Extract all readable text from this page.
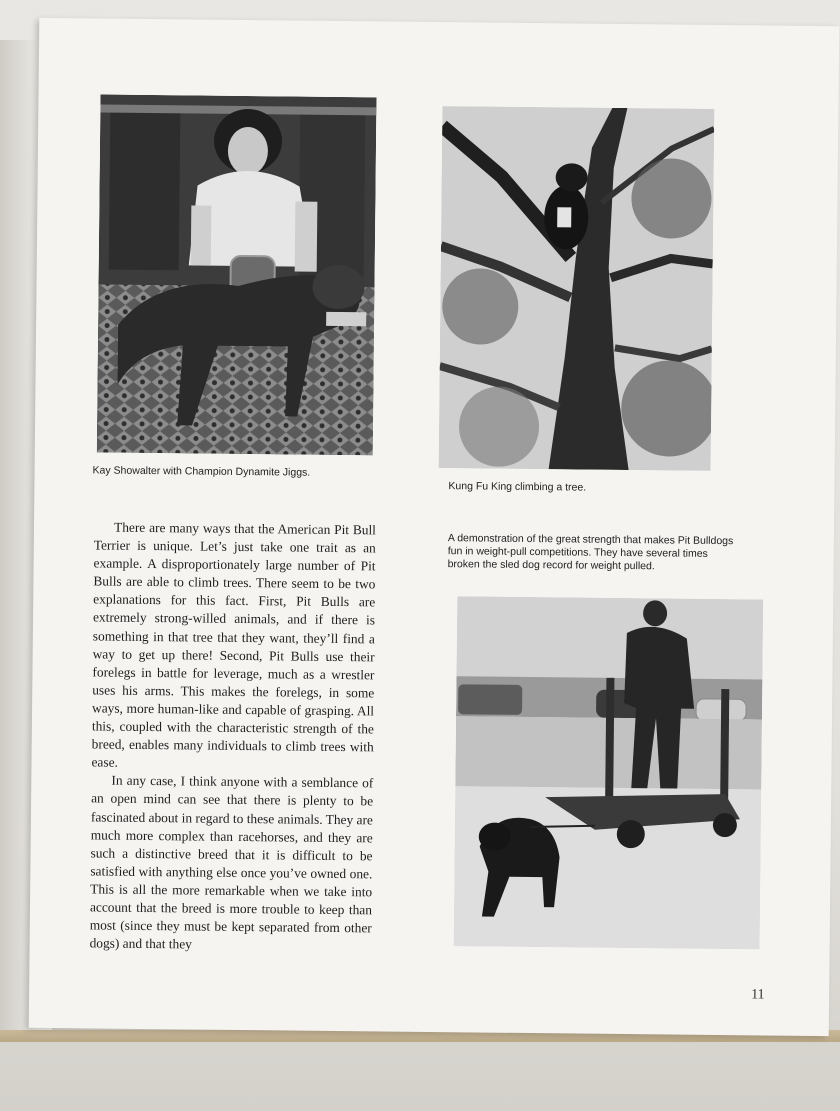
Kay Showalter with Champion Dynamite Jiggs.
Kung Fu King climbing a tree.
A demonstration of the great strength that makes Pit Bulldogs fun in weight-pull competitions. They have several times broken the sled dog record for weight pulled.

There are many ways that the American Pit Bull Terrier is unique. Let’s just take one trait as an example. A disproportionately large number of Pit Bulls are able to climb trees. There seem to be two explanations for this fact. First, Pit Bulls are extremely strong-willed animals, and if there is something in that tree that they want, they’ll find a way to get up there! Second, Pit Bulls use their forelegs in battle for leverage, much as a wrestler uses his arms. This makes the forelegs, in some ways, more human-like and capable of grasping. All this, coupled with the characteristic strength of the breed, enables many individuals to climb trees with ease.

In any case, I think anyone with a semblance of an open mind can see that there is plenty to be fascinated about in regard to these animals. They are much more complex than racehorses, and they are such a distinctive breed that it is difficult to be satisfied with anything else once you’ve owned one. This is all the more remarkable when we take into account that the breed is more trouble to keep than most (since they must be kept separated from other dogs) and that they

11
